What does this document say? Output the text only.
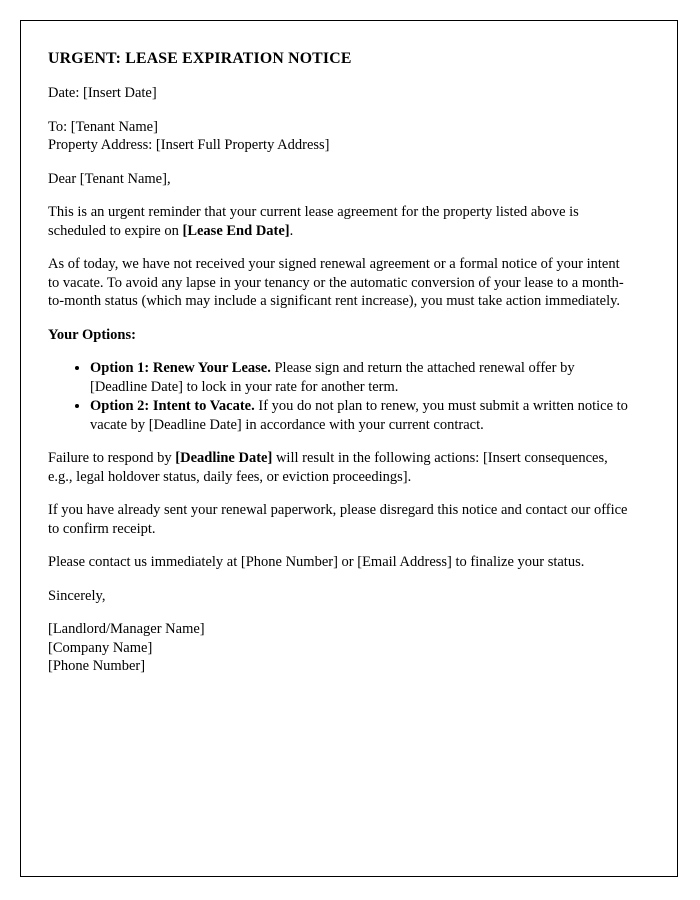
URGENT: LEASE EXPIRATION NOTICE

Date: [Insert Date]

To: [Tenant Name]
Property Address: [Insert Full Property Address]

Dear [Tenant Name],

This is an urgent reminder that your current lease agreement for the property listed above is scheduled to expire on [Lease End Date].

As of today, we have not received your signed renewal agreement or a formal notice of your intent to vacate. To avoid any lapse in your tenancy or the automatic conversion of your lease to a month-to-month status (which may include a significant rent increase), you must take action immediately.

Your Options:

• Option 1: Renew Your Lease. Please sign and return the attached renewal offer by [Deadline Date] to lock in your rate for another term.
• Option 2: Intent to Vacate. If you do not plan to renew, you must submit a written notice to vacate by [Deadline Date] in accordance with your current contract.

Failure to respond by [Deadline Date] will result in the following actions: [Insert consequences, e.g., legal holdover status, daily fees, or eviction proceedings].

If you have already sent your renewal paperwork, please disregard this notice and contact our office to confirm receipt.

Please contact us immediately at [Phone Number] or [Email Address] to finalize your status.

Sincerely,

[Landlord/Manager Name]
[Company Name]
[Phone Number]
